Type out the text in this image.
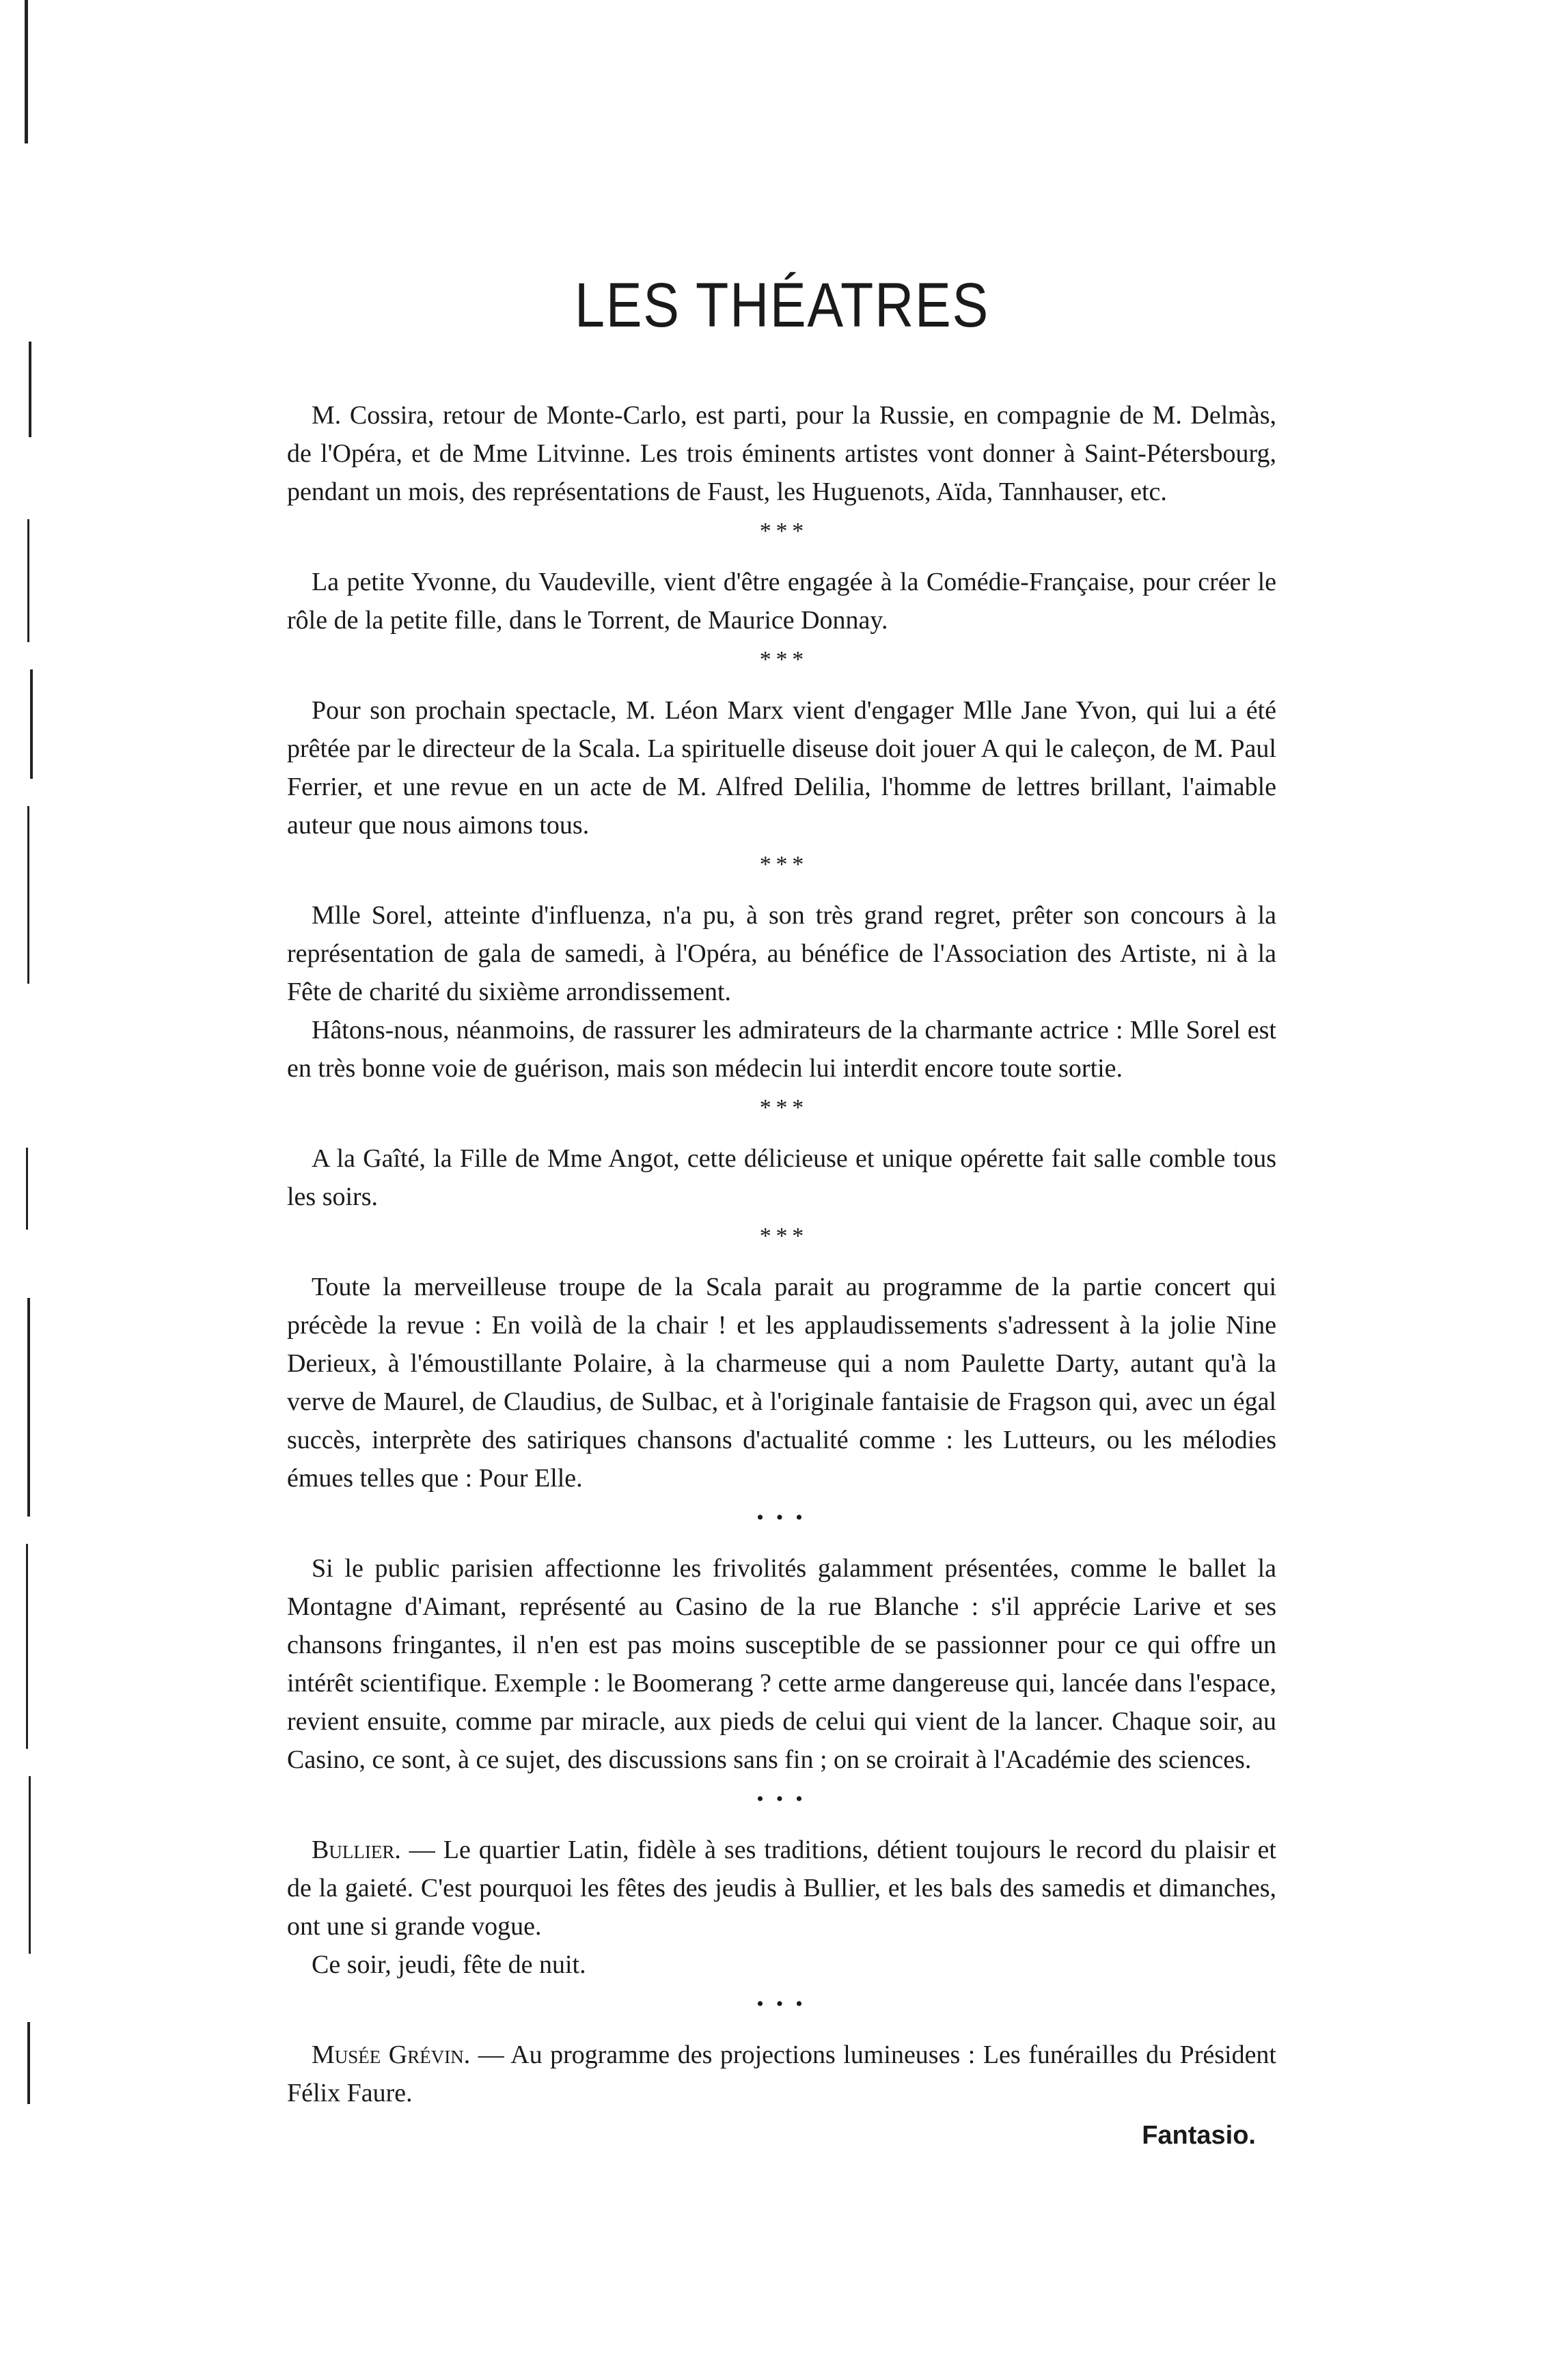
LES THÉATRES

M. Cossira, retour de Monte-Carlo, est parti, pour la Russie, en compagnie de M. Delmàs, de l'Opéra, et de Mme Litvinne. Les trois éminents artistes vont donner à Saint-Pétersbourg, pendant un mois, des représentations de Faust, les Huguenots, Aïda, Tannhauser, etc.

* * *

La petite Yvonne, du Vaudeville, vient d'être engagée à la Comédie-Française, pour créer le rôle de la petite fille, dans le Torrent, de Maurice Donnay.

* * *

Pour son prochain spectacle, M. Léon Marx vient d'engager Mlle Jane Yvon, qui lui a été prêtée par le directeur de la Scala. La spirituelle diseuse doit jouer A qui le caleçon, de M. Paul Ferrier, et une revue en un acte de M. Alfred Delilia, l'homme de lettres brillant, l'aimable auteur que nous aimons tous.

* * *

Mlle Sorel, atteinte d'influenza, n'a pu, à son très grand regret, prêter son concours à la représentation de gala de samedi, à l'Opéra, au bénéfice de l'Association des Artiste, ni à la Fête de charité du sixième arrondissement.

Hâtons-nous, néanmoins, de rassurer les admirateurs de la charmante actrice : Mlle Sorel est en très bonne voie de guérison, mais son médecin lui interdit encore toute sortie.

* * *

A la Gaîté, la Fille de Mme Angot, cette délicieuse et unique opérette fait salle comble tous les soirs.

* * *

Toute la merveilleuse troupe de la Scala parait au programme de la partie concert qui précède la revue : En voilà de la chair ! et les applaudissements s'adressent à la jolie Nine Derieux, à l'émoustillante Polaire, à la charmeuse qui a nom Paulette Darty, autant qu'à la verve de Maurel, de Claudius, de Sulbac, et à l'originale fantaisie de Fragson qui, avec un égal succès, interprète des satiriques chansons d'actualité comme : les Lutteurs, ou les mélodies émues telles que : Pour Elle.

• • •

Si le public parisien affectionne les frivolités galamment présentées, comme le ballet la Montagne d'Aimant, représenté au Casino de la rue Blanche : s'il apprécie Larive et ses chansons fringantes, il n'en est pas moins susceptible de se passionner pour ce qui offre un intérêt scientifique. Exemple : le Boomerang ? cette arme dangereuse qui, lancée dans l'espace, revient ensuite, comme par miracle, aux pieds de celui qui vient de la lancer. Chaque soir, au Casino, ce sont, à ce sujet, des discussions sans fin ; on se croirait à l'Académie des sciences.

• • •

Bullier. — Le quartier Latin, fidèle à ses traditions, détient toujours le record du plaisir et de la gaieté. C'est pourquoi les fêtes des jeudis à Bullier, et les bals des samedis et dimanches, ont une si grande vogue.

Ce soir, jeudi, fête de nuit.

• • •

Musée Grévin. — Au programme des projections lumineuses : Les funérailles du Président Félix Faure.

Fantasio.
